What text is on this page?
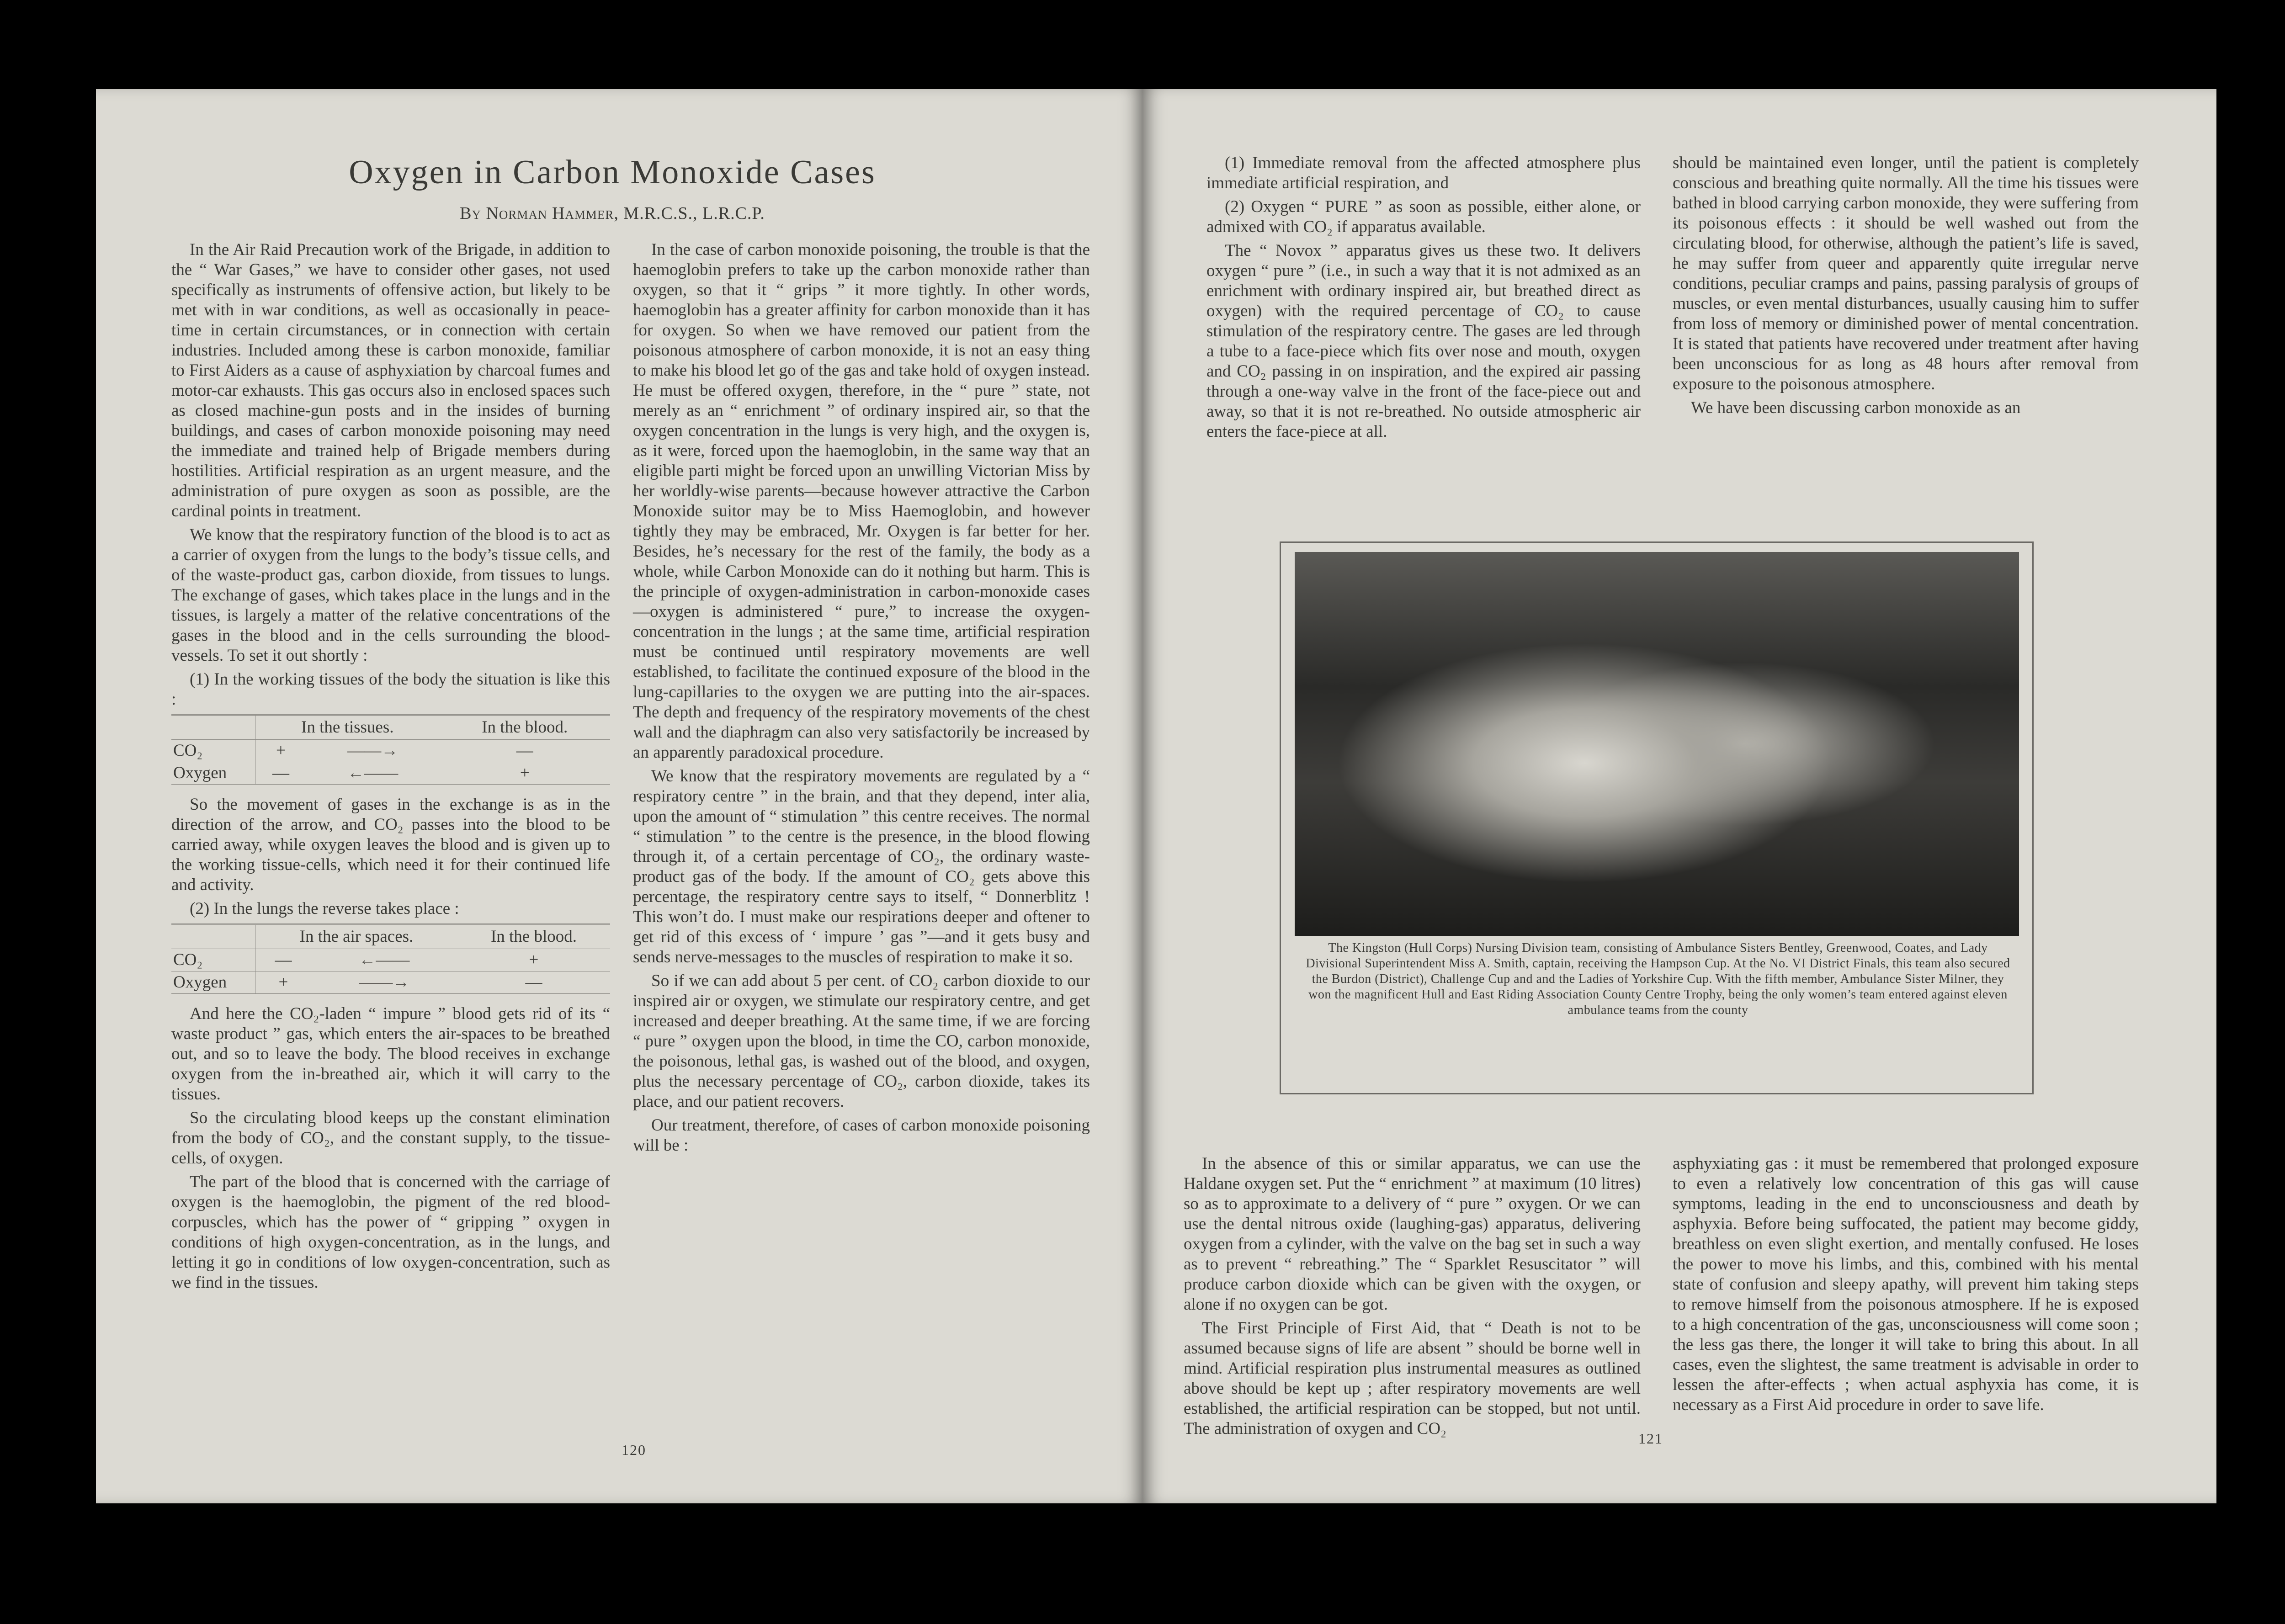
Oxygen in Carbon Monoxide Cases
By Norman Hammer, M.R.C.S., L.R.C.P.

In the Air Raid Precaution work of the Brigade, in addition to the “ War Gases,” we have to consider other gases, not used specifically as instruments of offensive action, but likely to be met with in war conditions, as well as occasionally in peace-time in certain circumstances, or in connection with certain industries. Included among these is carbon monoxide, familiar to First Aiders as a cause of asphyxiation by charcoal fumes and motor-car exhausts. This gas occurs also in enclosed spaces such as closed machine-gun posts and in the insides of burning buildings, and cases of carbon monoxide poisoning may need the immediate and trained help of Brigade members during hostilities. Artificial respiration as an urgent measure, and the administration of pure oxygen as soon as possible, are the cardinal points in treatment.

We know that the respiratory function of the blood is to act as a carrier of oxygen from the lungs to the body’s tissue cells, and of the waste-product gas, carbon dioxide, from tissues to lungs. The exchange of gases, which takes place in the lungs and in the tissues, is largely a matter of the relative concentrations of the gases in the blood and in the cells surrounding the blood-vessels. To set it out shortly :

(1) In the working tissues of the body the situation is like this :

	In the tissues.		In the blood.
CO₂	+	——→	—
Oxygen	—	←——	+

So the movement of gases in the exchange is as in the direction of the arrow, and CO₂ passes into the blood to be carried away, while oxygen leaves the blood and is given up to the working tissue-cells, which need it for their continued life and activity.

(2) In the lungs the reverse takes place :

	In the air spaces.		In the blood.
CO₂	—	←——	+
Oxygen	+	——→	—

And here the CO₂-laden “ impure ” blood gets rid of its “ waste product ” gas, which enters the air-spaces to be breathed out, and so to leave the body. The blood receives in exchange oxygen from the in-breathed air, which it will carry to the tissues.

So the circulating blood keeps up the constant elimination from the body of CO₂, and the constant supply, to the tissue-cells, of oxygen.

The part of the blood that is concerned with the carriage of oxygen is the haemoglobin, the pigment of the red blood-corpuscles, which has the power of “ gripping ” oxygen in conditions of high oxygen-concentration, as in the lungs, and letting it go in conditions of low oxygen-concentration, such as we find in the tissues.

In the case of carbon monoxide poisoning, the trouble is that the haemoglobin prefers to take up the carbon monoxide rather than oxygen, so that it “ grips ” it more tightly. In other words, haemoglobin has a greater affinity for carbon monoxide than it has for oxygen. So when we have removed our patient from the poisonous atmosphere of carbon monoxide, it is not an easy thing to make his blood let go of the gas and take hold of oxygen instead. He must be offered oxygen, therefore, in the “ pure ” state, not merely as an “ enrichment ” of ordinary inspired air, so that the oxygen concentration in the lungs is very high, and the oxygen is, as it were, forced upon the haemoglobin, in the same way that an eligible parti might be forced upon an unwilling Victorian Miss by her worldly-wise parents—because however attractive the Carbon Monoxide suitor may be to Miss Haemoglobin, and however tightly they may be embraced, Mr. Oxygen is far better for her. Besides, he’s necessary for the rest of the family, the body as a whole, while Carbon Monoxide can do it nothing but harm. This is the principle of oxygen-administration in carbon-monoxide cases—oxygen is administered “ pure,” to increase the oxygen-concentration in the lungs ; at the same time, artificial respiration must be continued until respiratory movements are well established, to facilitate the continued exposure of the blood in the lung-capillaries to the oxygen we are putting into the air-spaces. The depth and frequency of the respiratory movements of the chest wall and the diaphragm can also very satisfactorily be increased by an apparently paradoxical procedure.

We know that the respiratory movements are regulated by a “ respiratory centre ” in the brain, and that they depend, inter alia, upon the amount of “ stimulation ” this centre receives. The normal “ stimulation ” to the centre is the presence, in the blood flowing through it, of a certain percentage of CO₂, the ordinary waste-product gas of the body. If the amount of CO₂ gets above this percentage, the respiratory centre says to itself, “ Donnerblitz ! This won’t do. I must make our respirations deeper and oftener to get rid of this excess of ‘ impure ’ gas ”—and it gets busy and sends nerve-messages to the muscles of respiration to make it so.

So if we can add about 5 per cent. of CO₂ carbon dioxide to our inspired air or oxygen, we stimulate our respiratory centre, and get increased and deeper breathing. At the same time, if we are forcing “ pure ” oxygen upon the blood, in time the CO, carbon monoxide, the poisonous, lethal gas, is washed out of the blood, and oxygen, plus the necessary percentage of CO₂, carbon dioxide, takes its place, and our patient recovers.

Our treatment, therefore, of cases of carbon monoxide poisoning will be :

120

(1) Immediate removal from the affected atmosphere plus immediate artificial respiration, and

(2) Oxygen “ PURE ” as soon as possible, either alone, or admixed with CO₂ if apparatus available.

The “ Novox ” apparatus gives us these two. It delivers oxygen “ pure ” (i.e., in such a way that it is not admixed as an enrichment with ordinary inspired air, but breathed direct as oxygen) with the required percentage of CO₂ to cause stimulation of the respiratory centre. The gases are led through a tube to a face-piece which fits over nose and mouth, oxygen and CO₂ passing in on inspiration, and the expired air passing through a one-way valve in the front of the face-piece out and away, so that it is not re-breathed. No outside atmospheric air enters the face-piece at all.

should be maintained even longer, until the patient is completely conscious and breathing quite normally. All the time his tissues were bathed in blood carrying carbon monoxide, they were suffering from its poisonous effects : it should be well washed out from the circulating blood, for otherwise, although the patient’s life is saved, he may suffer from queer and apparently quite irregular nerve conditions, peculiar cramps and pains, passing paralysis of groups of muscles, or even mental disturbances, usually causing him to suffer from loss of memory or diminished power of mental concentration. It is stated that patients have recovered under treatment after having been unconscious for as long as 48 hours after removal from exposure to the poisonous atmosphere.

We have been discussing carbon monoxide as an

The Kingston (Hull Corps) Nursing Division team, consisting of Ambulance Sisters Bentley, Greenwood, Coates, and Lady Divisional Superintendent Miss A. Smith, captain, receiving the Hampson Cup. At the No. VI District Finals, this team also secured the Burdon (District), Challenge Cup and and the Ladies of Yorkshire Cup. With the fifth member, Ambulance Sister Milner, they won the magnificent Hull and East Riding Association County Centre Trophy, being the only women’s team entered against eleven ambulance teams from the county

In the absence of this or similar apparatus, we can use the Haldane oxygen set. Put the “ enrichment ” at maximum (10 litres) so as to approximate to a delivery of “ pure ” oxygen. Or we can use the dental nitrous oxide (laughing-gas) apparatus, delivering oxygen from a cylinder, with the valve on the bag set in such a way as to prevent “ rebreathing.” The “ Sparklet Resuscitator ” will produce carbon dioxide which can be given with the oxygen, or alone if no oxygen can be got.

The First Principle of First Aid, that “ Death is not to be assumed because signs of life are absent ” should be borne well in mind. Artificial respiration plus instrumental measures as outlined above should be kept up ; after respiratory movements are well established, the artificial respiration can be stopped, but not until. The administration of oxygen and CO₂

asphyxiating gas : it must be remembered that prolonged exposure to even a relatively low concentration of this gas will cause symptoms, leading in the end to unconsciousness and death by asphyxia. Before being suffocated, the patient may become giddy, breathless on even slight exertion, and mentally confused. He loses the power to move his limbs, and this, combined with his mental state of confusion and sleepy apathy, will prevent him taking steps to remove himself from the poisonous atmosphere. If he is exposed to a high concentration of the gas, unconsciousness will come soon ; the less gas there, the longer it will take to bring this about. In all cases, even the slightest, the same treatment is advisable in order to lessen the after-effects ; when actual asphyxia has come, it is necessary as a First Aid procedure in order to save life.

121
